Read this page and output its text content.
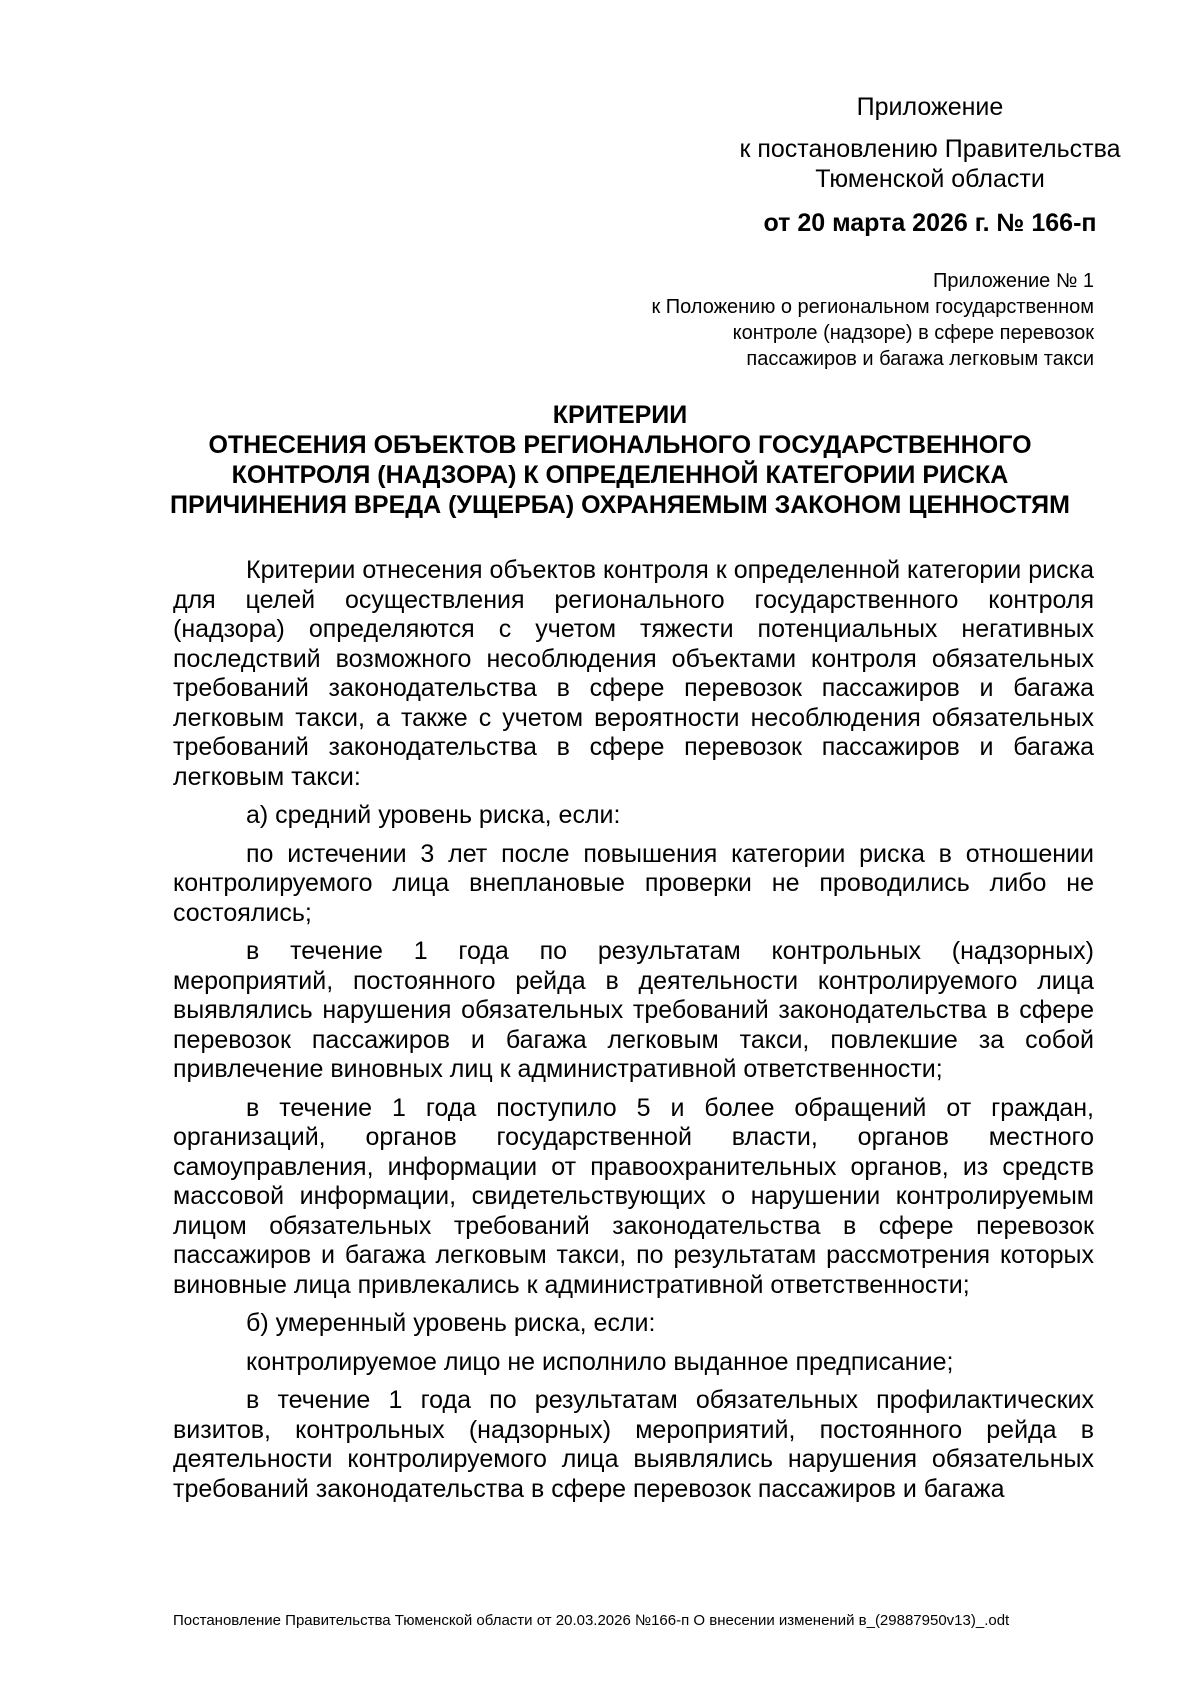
Приложение
к постановлению Правительства
Тюменской области
от 20 марта 2026 г. № 166-п
Приложение № 1
к Положению о региональном государственном
контроле (надзоре) в сфере перевозок
пассажиров и багажа легковым такси
КРИТЕРИИ
ОТНЕСЕНИЯ ОБЪЕКТОВ РЕГИОНАЛЬНОГО ГОСУДАРСТВЕННОГО
КОНТРОЛЯ (НАДЗОРА) К ОПРЕДЕЛЕННОЙ КАТЕГОРИИ РИСКА
ПРИЧИНЕНИЯ ВРЕДА (УЩЕРБА) ОХРАНЯЕМЫМ ЗАКОНОМ ЦЕННОСТЯМ

Критерии отнесения объектов контроля к определенной категории риска для целей осуществления регионального государственного контроля (надзора) определяются с учетом тяжести потенциальных негативных последствий возможного несоблюдения объектами контроля обязательных требований законодательства в сфере перевозок пассажиров и багажа легковым такси, а также с учетом вероятности несоблюдения обязательных требований законодательства в сфере перевозок пассажиров и багажа легковым такси:

а) средний уровень риска, если:

по истечении 3 лет после повышения категории риска в отношении контролируемого лица внеплановые проверки не проводились либо не состоялись;

в течение 1 года по результатам контрольных (надзорных) мероприятий, постоянного рейда в деятельности контролируемого лица выявлялись нарушения обязательных требований законодательства в сфере перевозок пассажиров и багажа легковым такси, повлекшие за собой привлечение виновных лиц к административной ответственности;

в течение 1 года поступило 5 и более обращений от граждан, организаций, органов государственной власти, органов местного самоуправления, информации от правоохранительных органов, из средств массовой информации, свидетельствующих о нарушении контролируемым лицом обязательных требований законодательства в сфере перевозок пассажиров и багажа легковым такси, по результатам рассмотрения которых виновные лица привлекались к административной ответственности;

б) умеренный уровень риска, если:

контролируемое лицо не исполнило выданное предписание;

в течение 1 года по результатам обязательных профилактических визитов, контрольных (надзорных) мероприятий, постоянного рейда в деятельности контролируемого лица выявлялись нарушения обязательных требований законодательства в сфере перевозок пассажиров и багажа

Постановление Правительства Тюменской области от 20.03.2026 №166-п О внесении изменений в_(29887950v13)_.odt
